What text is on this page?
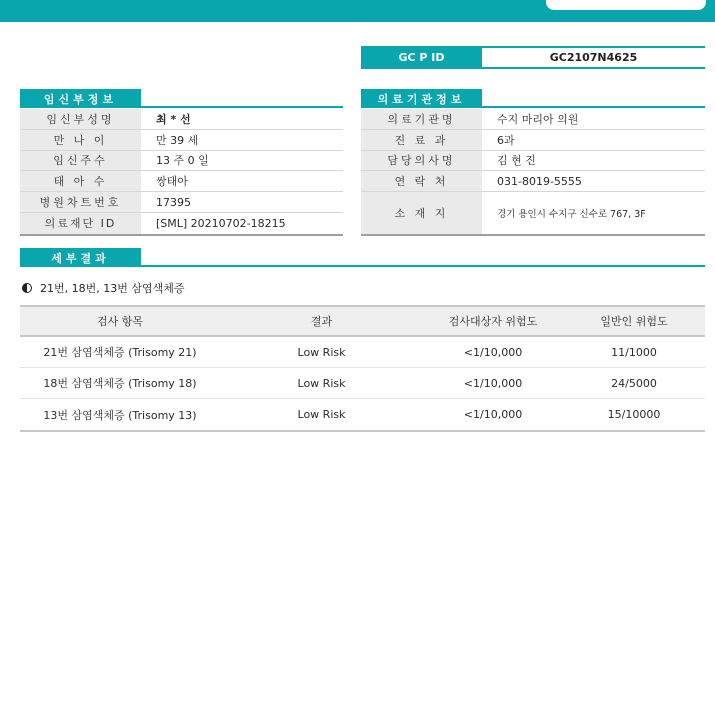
GC P ID	GC2107N4625
임신부정보	의료기관정보
임신부성명	최 * 선
만 나 이	만 39 세
임신주수	13 주 0 일
태 아 수	쌍태아
병원차트번호	17395
의료재단 ID	[SML] 20210702-18215
의료기관명	수지 마리아 의원
진 료 과	6과
담당의사명	김 현 진
연 락 처	031-8019-5555
소 재 지	경기 용인시 수지구 신수로 767, 3F
세부결과
21번, 18번, 13번 삼염색체증
검사 항목	결과	검사대상자 위험도	일반인 위험도
21번 삼염색체증 (Trisomy 21)	Low Risk	<1/10,000	11/1000
18번 삼염색체증 (Trisomy 18)	Low Risk	<1/10,000	24/5000
13번 삼염색체증 (Trisomy 13)	Low Risk	<1/10,000	15/10000
